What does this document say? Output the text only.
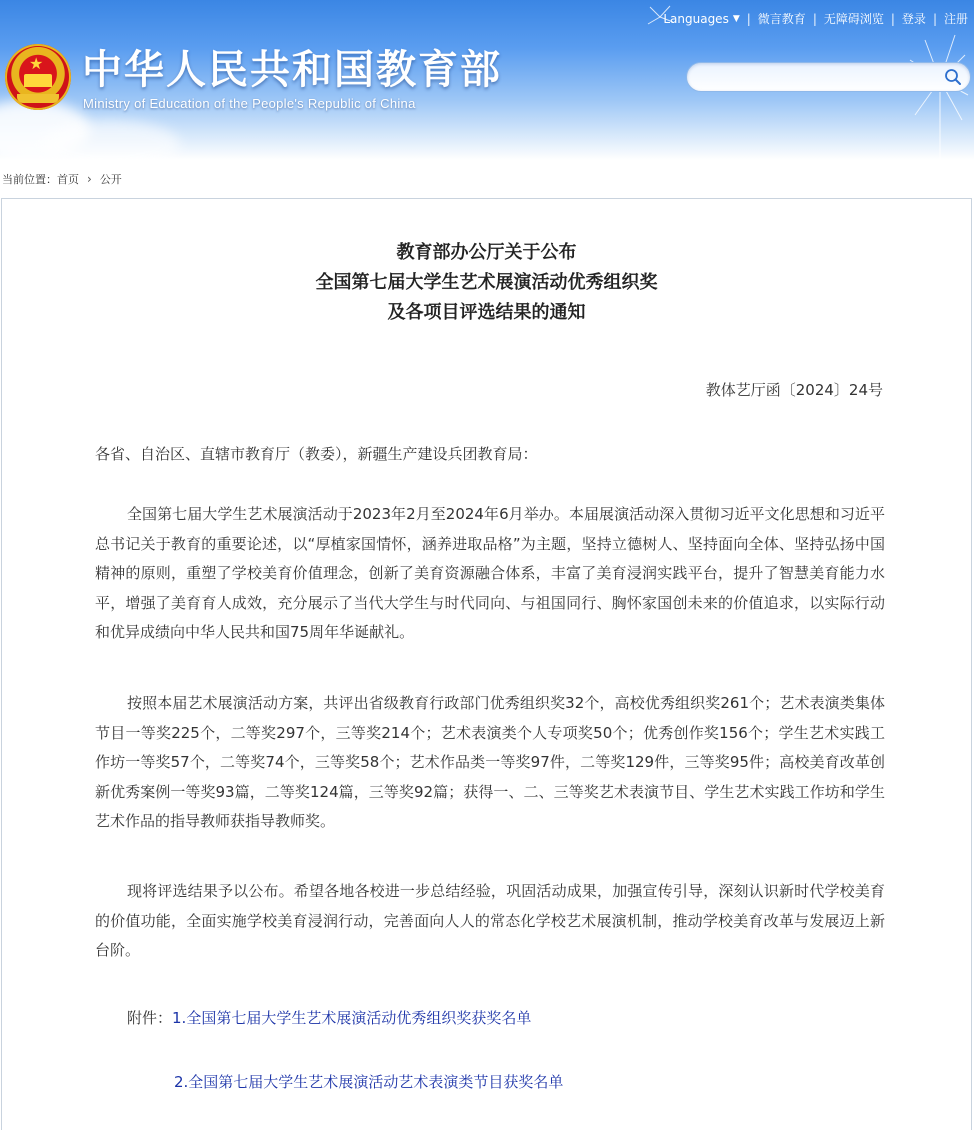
★ 中华人民共和国教育部
Ministry of Education of the People's Republic of China
Languages ▼ | 微言教育 | 无障碍浏览 | 登录 | 注册
当前位置： 首页 › 公开
教育部办公厅关于公布
全国第七届大学生艺术展演活动优秀组织奖
及各项目评选结果的通知
教体艺厅函〔2024〕24号
各省、自治区、直辖市教育厅（教委），新疆生产建设兵团教育局：
全国第七届大学生艺术展演活动于2023年2月至2024年6月举办。本届展演活动深入贯彻习近平文化思想和习近平总书记关于教育的重要论述，以“厚植家国情怀，涵养进取品格”为主题，坚持立德树人、坚持面向全体、坚持弘扬中国精神的原则，重塑了学校美育价值理念，创新了美育资源融合体系，丰富了美育浸润实践平台，提升了智慧美育能力水平，增强了美育育人成效，充分展示了当代大学生与时代同向、与祖国同行、胸怀家国创未来的价值追求，以实际行动和优异成绩向中华人民共和国75周年华诞献礼。
按照本届艺术展演活动方案，共评出省级教育行政部门优秀组织奖32个，高校优秀组织奖261个；艺术表演类集体节目一等奖225个，二等奖297个，三等奖214个；艺术表演类个人专项奖50个；优秀创作奖156个；学生艺术实践工作坊一等奖57个，二等奖74个，三等奖58个；艺术作品类一等奖97件，二等奖129件，三等奖95件；高校美育改革创新优秀案例一等奖93篇，二等奖124篇，三等奖92篇；获得一、二、三等奖艺术表演节目、学生艺术实践工作坊和学生艺术作品的指导教师获指导教师奖。
现将评选结果予以公布。希望各地各校进一步总结经验，巩固活动成果，加强宣传引导，深刻认识新时代学校美育的价值功能，全面实施学校美育浸润行动，完善面向人人的常态化学校艺术展演机制，推动学校美育改革与发展迈上新台阶。
附件：1.全国第七届大学生艺术展演活动优秀组织奖获奖名单
2.全国第七届大学生艺术展演活动艺术表演类节目获奖名单
